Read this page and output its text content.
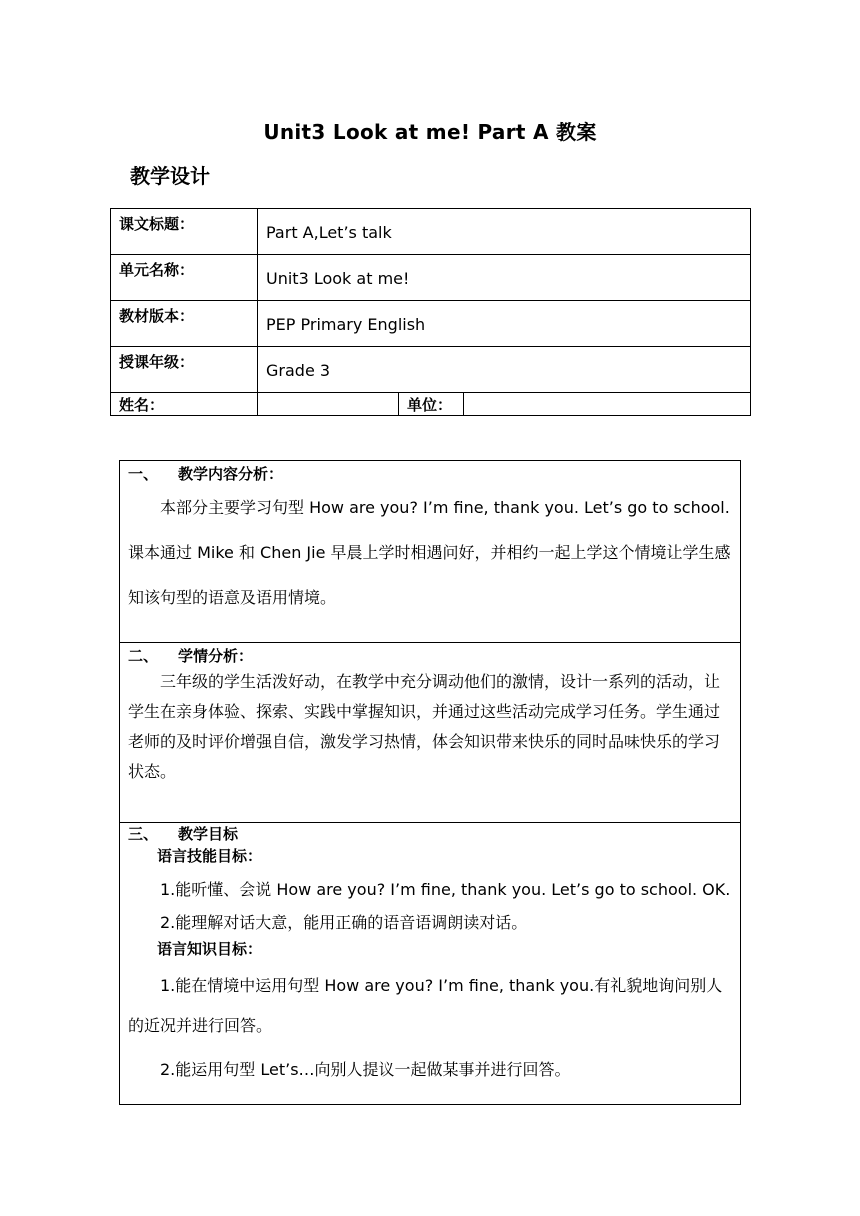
Unit3 Look at me! Part A 教案
教学设计
课文标题：	Part A,Let’s talk		

单元名称：	Unit3 Look at me!		

教材版本：	PEP Primary English		

授课年级：	Grade 3		

姓名：		单位：	

一、 教学内容分析：

本部分主要学习句型 How are you? I’m fine, thank you. Let’s go to school.课本通过 Mike 和 Chen Jie 早晨上学时相遇问好，并相约一起上学这个情境让学生感知该句型的语意及语用情境。

二、 学情分析：

三年级的学生活泼好动，在教学中充分调动他们的激情，设计一系列的活动，让学生在亲身体验、探索、实践中掌握知识，并通过这些活动完成学习任务。学生通过老师的及时评价增强自信，激发学习热情，体会知识带来快乐的同时品味快乐的学习状态。

三、 教学目标
语言技能目标：

1.能听懂、会说 How are you? I’m fine, thank you. Let’s go to school. OK.

2.能理解对话大意，能用正确的语音语调朗读对话。

语言知识目标：

1.能在情境中运用句型 How are you? I’m fine, thank you.有礼貌地询问别人的近况并进行回答。

2.能运用句型 Let’s…向别人提议一起做某事并进行回答。
